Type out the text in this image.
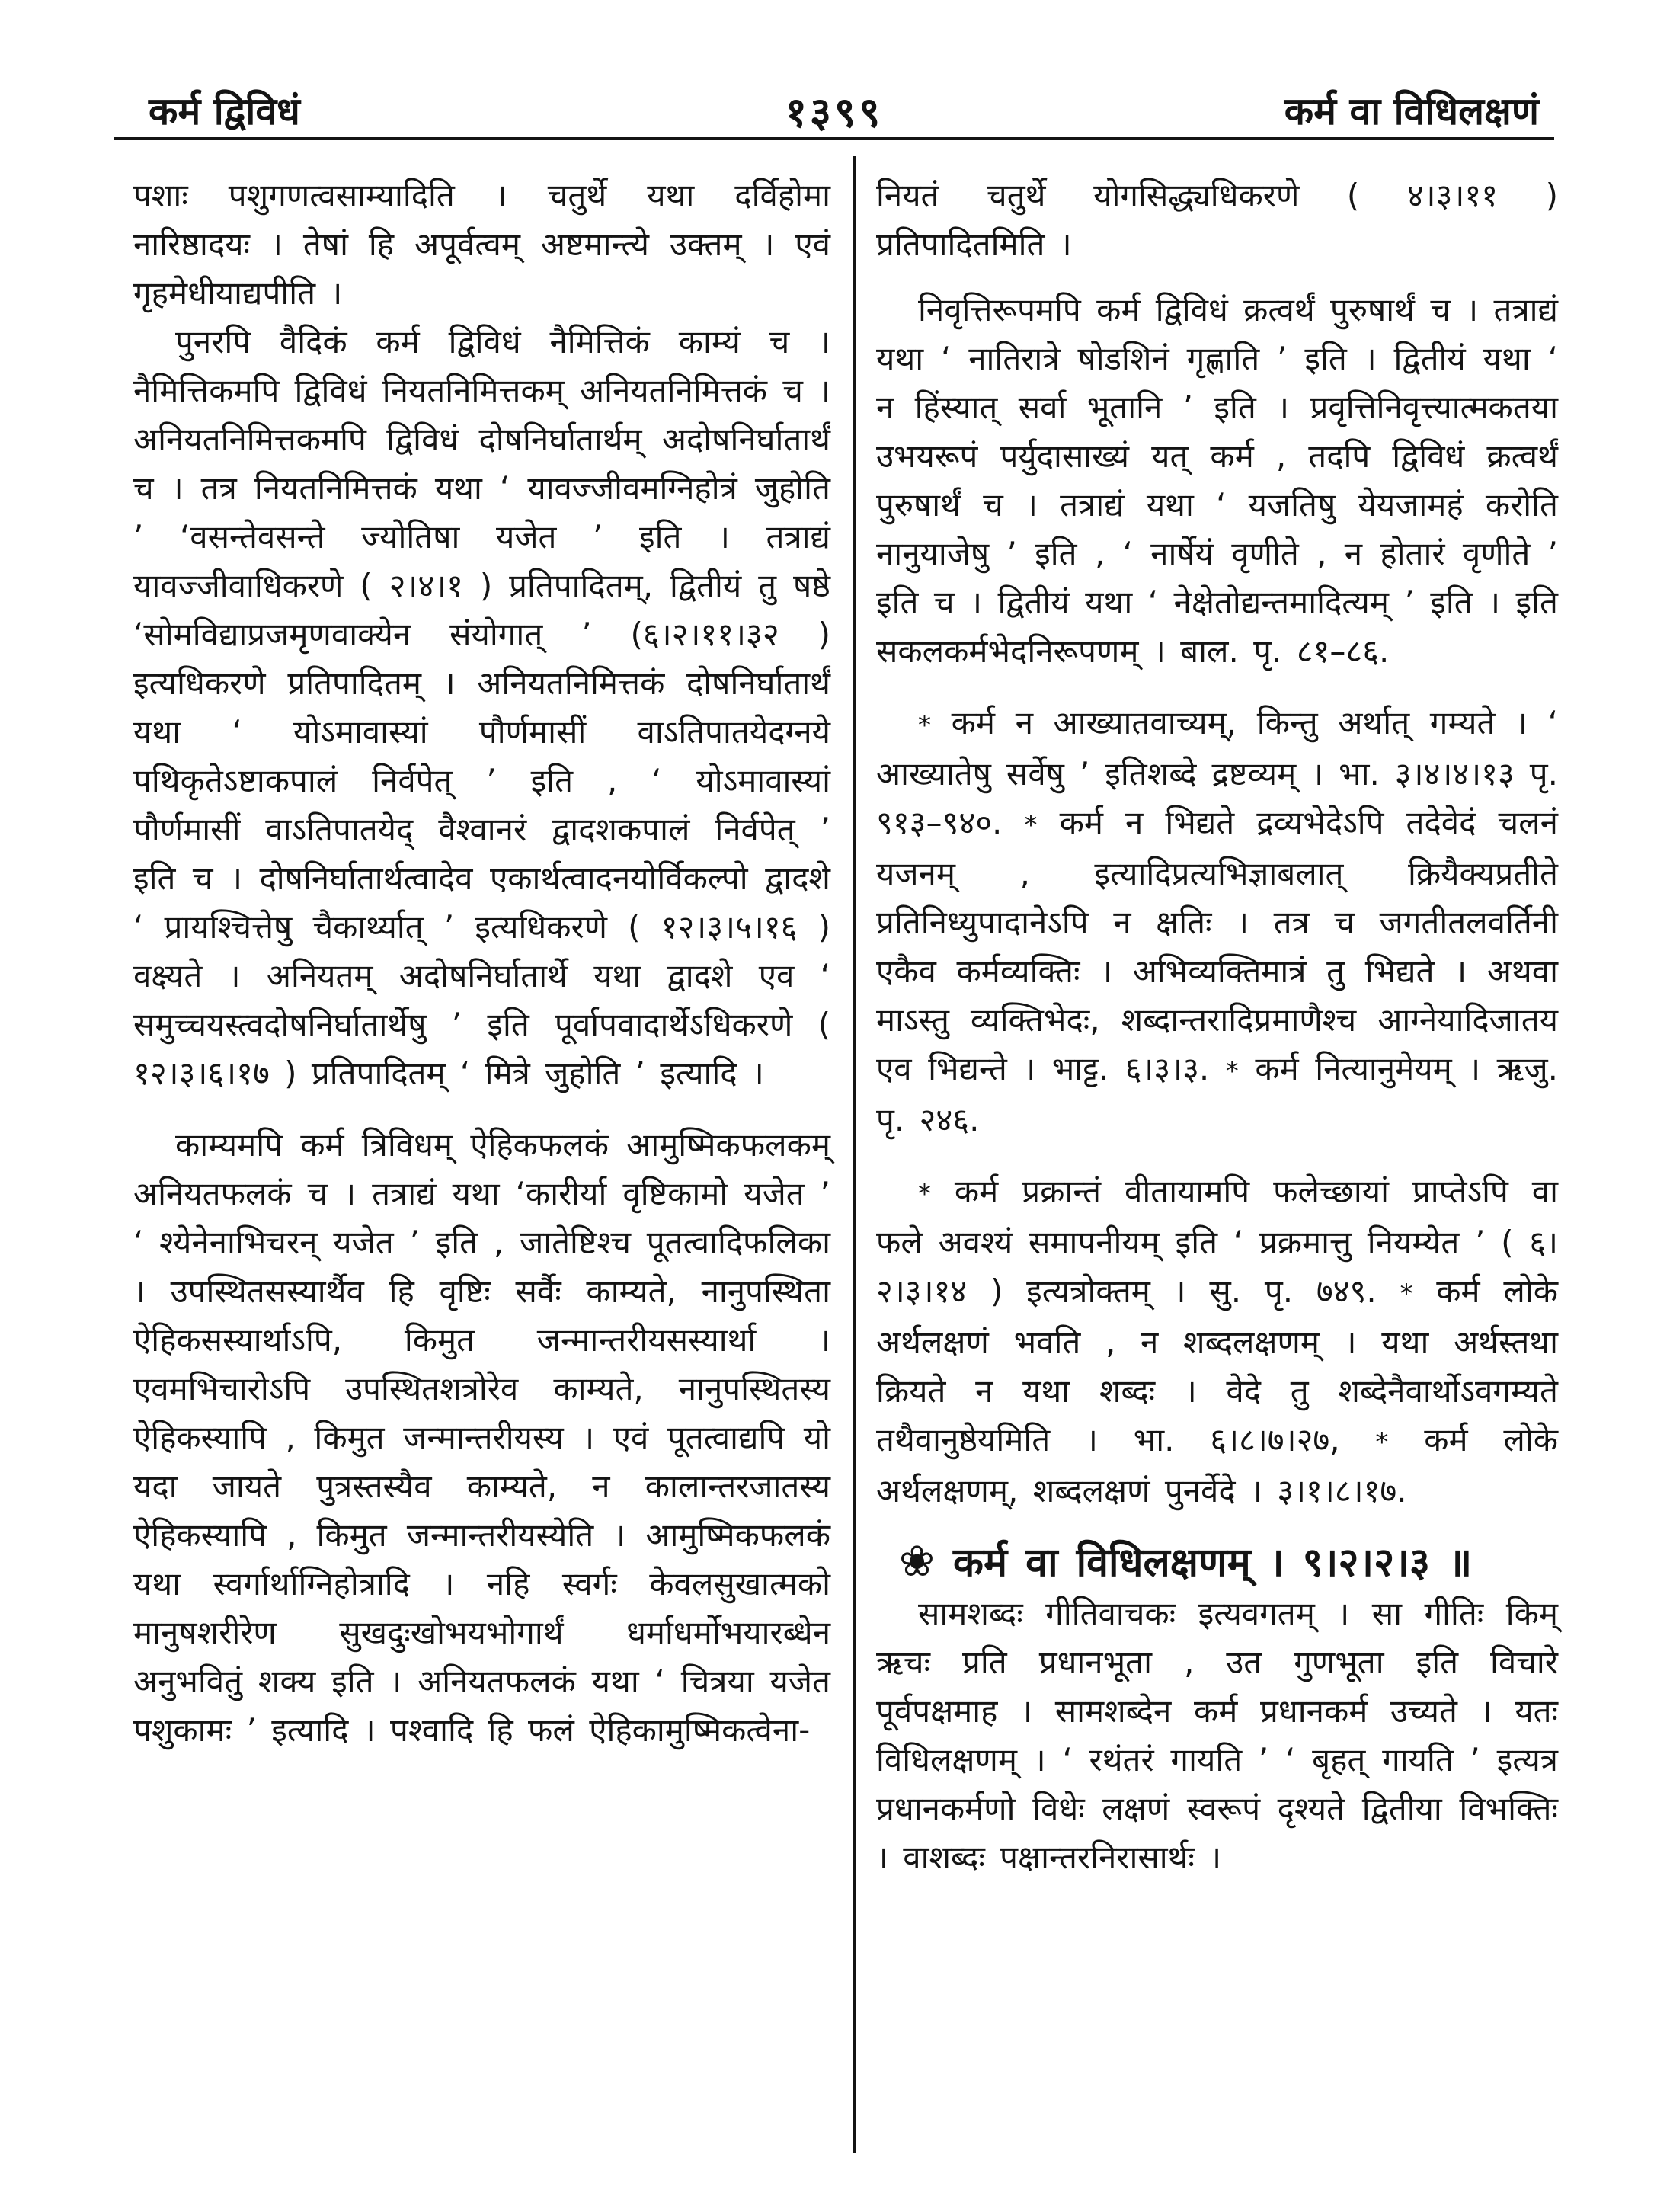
कर्म द्विविधं	१३९९	कर्म वा विधिलक्षणं

पशाः पशुगणत्वसाम्यादिति । चतुर्थे यथा दर्विहोमा नारिष्ठादयः । तेषां हि अपूर्वत्वम् अष्टमान्त्ये उक्तम् । एवं गृहमेधीयाद्यपीति ।

पुनरपि वैदिकं कर्म द्विविधं नैमित्तिकं काम्यं च । नैमित्तिकमपि द्विविधं नियतनिमित्तकम् अनियतनिमित्तकं च । अनियतनिमित्तकमपि द्विविधं दोषनिर्घातार्थम् अदोषनिर्घातार्थं च । तत्र नियतनिमित्तकं यथा ‘ यावज्जीवमग्निहोत्रं जुहोति ’ ‘वसन्तेवसन्ते ज्योतिषा यजेत ’ इति । तत्राद्यं यावज्जीवाधिकरणे ( २।४।१ ) प्रतिपादितम्, द्वितीयं तु षष्ठे ‘सोमविद्याप्रजमृणवाक्येन संयोगात् ’ (६।२।११।३२ ) इत्यधिकरणे प्रतिपादितम् । अनियतनिमित्तकं दोषनिर्घातार्थं यथा ‘ योऽमावास्यां पौर्णमासीं वाऽतिपातयेदग्नये पथिकृतेऽष्टाकपालं निर्वपेत् ’ इति , ‘ योऽमावास्यां पौर्णमासीं वाऽतिपातयेद् वैश्वानरं द्वादशकपालं निर्वपेत् ’ इति च । दोषनिर्घातार्थत्वादेव एकार्थत्वादनयोर्विकल्पो द्वादशे ‘ प्रायश्चित्तेषु चैकार्थ्यात् ’ इत्यधिकरणे ( १२।३।५।१६ ) वक्ष्यते । अनियतम् अदोषनिर्घातार्थे यथा द्वादशे एव ‘ समुच्चयस्त्वदोषनिर्घातार्थेषु ’ इति पूर्वापवादार्थेऽधिकरणे ( १२।३।६।१७ ) प्रतिपादितम् ‘ मित्रे जुहोति ’ इत्यादि ।

काम्यमपि कर्म त्रिविधम् ऐहिकफलकं आमुष्मिकफलकम् अनियतफलकं च । तत्राद्यं यथा ‘कारीर्या वृष्टिकामो यजेत ’ ‘ श्येनेनाभिचरन् यजेत ’ इति , जातेष्टिश्च पूतत्वादिफलिका । उपस्थितसस्यार्थैव हि वृष्टिः सर्वैः काम्यते, नानुपस्थिता ऐहिकसस्यार्थाऽपि, किमुत जन्मान्तरीयसस्यार्था । एवमभिचारोऽपि उपस्थितशत्रोरेव काम्यते, नानुपस्थितस्य ऐहिकस्यापि , किमुत जन्मान्तरीयस्य । एवं पूतत्वाद्यपि यो यदा जायते पुत्रस्तस्यैव काम्यते, न कालान्तरजातस्य ऐहिकस्यापि , किमुत जन्मान्तरीयस्येति । आमुष्मिकफलकं यथा स्वर्गार्थाग्निहोत्रादि । नहि स्वर्गः केवलसुखात्मको मानुषशरीरेण सुखदुःखोभयभोगार्थं धर्माधर्मोभयारब्धेन अनुभवितुं शक्य इति । अनियतफलकं यथा ‘ चित्रया यजेत पशुकामः ’ इत्यादि । पश्वादि हि फलं ऐहिकामुष्मिकत्वेना-

नियतं चतुर्थे योगसिद्ध्यधिकरणे ( ४।३।११ ) प्रतिपादितमिति ।

निवृत्तिरूपमपि कर्म द्विविधं क्रत्वर्थं पुरुषार्थं च । तत्राद्यं यथा ‘ नातिरात्रे षोडशिनं गृह्णाति ’ इति । द्वितीयं यथा ‘ न हिंस्यात् सर्वा भूतानि ’ इति । प्रवृत्तिनिवृत्त्यात्मकतया उभयरूपं पर्युदासाख्यं यत् कर्म , तदपि द्विविधं क्रत्वर्थं पुरुषार्थं च । तत्राद्यं यथा ‘ यजतिषु येयजामहं करोति नानुयाजेषु ’ इति , ‘ नार्षेयं वृणीते , न होतारं वृणीते ’ इति च । द्वितीयं यथा ‘ नेक्षेतोद्यन्तमादित्यम् ’ इति । इति सकलकर्मभेदनिरूपणम् । बाल. पृ. ८१–८६.

* कर्म न आख्यातवाच्यम्, किन्तु अर्थात् गम्यते । ‘ आख्यातेषु सर्वेषु ’ इतिशब्दे द्रष्टव्यम् । भा. ३।४।४।१३ पृ. ९१३–९४०. * कर्म न भिद्यते द्रव्यभेदेऽपि तदेवेदं चलनं यजनम् , इत्यादिप्रत्यभिज्ञाबलात् क्रियैक्यप्रतीते प्रतिनिध्युपादानेऽपि न क्षतिः । तत्र च जगतीतलवर्तिनी एकैव कर्मव्यक्तिः । अभिव्यक्तिमात्रं तु भिद्यते । अथवा माऽस्तु व्यक्तिभेदः, शब्दान्तरादिप्रमाणैश्च आग्नेयादिजातय एव भिद्यन्ते । भाट्ट. ६।३।३. * कर्म नित्यानुमेयम् । ऋजु. पृ. २४६.

* कर्म प्रक्रान्तं वीतायामपि फलेच्छायां प्राप्तेऽपि वा फले अवश्यं समापनीयम् इति ‘ प्रक्रमात्तु नियम्येत ’ ( ६।२।३।१४ ) इत्यत्रोक्तम् । सु. पृ. ७४९. * कर्म लोके अर्थलक्षणं भवति , न शब्दलक्षणम् । यथा अर्थस्तथा क्रियते न यथा शब्दः । वेदे तु शब्देनैवार्थोऽवगम्यते तथैवानुष्ठेयमिति । भा. ६।८।७।२७, * कर्म लोके अर्थलक्षणम्, शब्दलक्षणं पुनर्वेदे । ३।१।८।१७.

❀ कर्म वा विधिलक्षणम् । ९।२।२।३ ॥

सामशब्दः गीतिवाचकः इत्यवगतम् । सा गीतिः किम् ऋचः प्रति प्रधानभूता , उत गुणभूता इति विचारे पूर्वपक्षमाह । सामशब्देन कर्म प्रधानकर्म उच्यते । यतः विधिलक्षणम् । ‘ रथंतरं गायति ’ ‘ बृहत् गायति ’ इत्यत्र प्रधानकर्मणो विधेः लक्षणं स्वरूपं दृश्यते द्वितीया विभक्तिः । वाशब्दः पक्षान्तरनिरासार्थः ।
